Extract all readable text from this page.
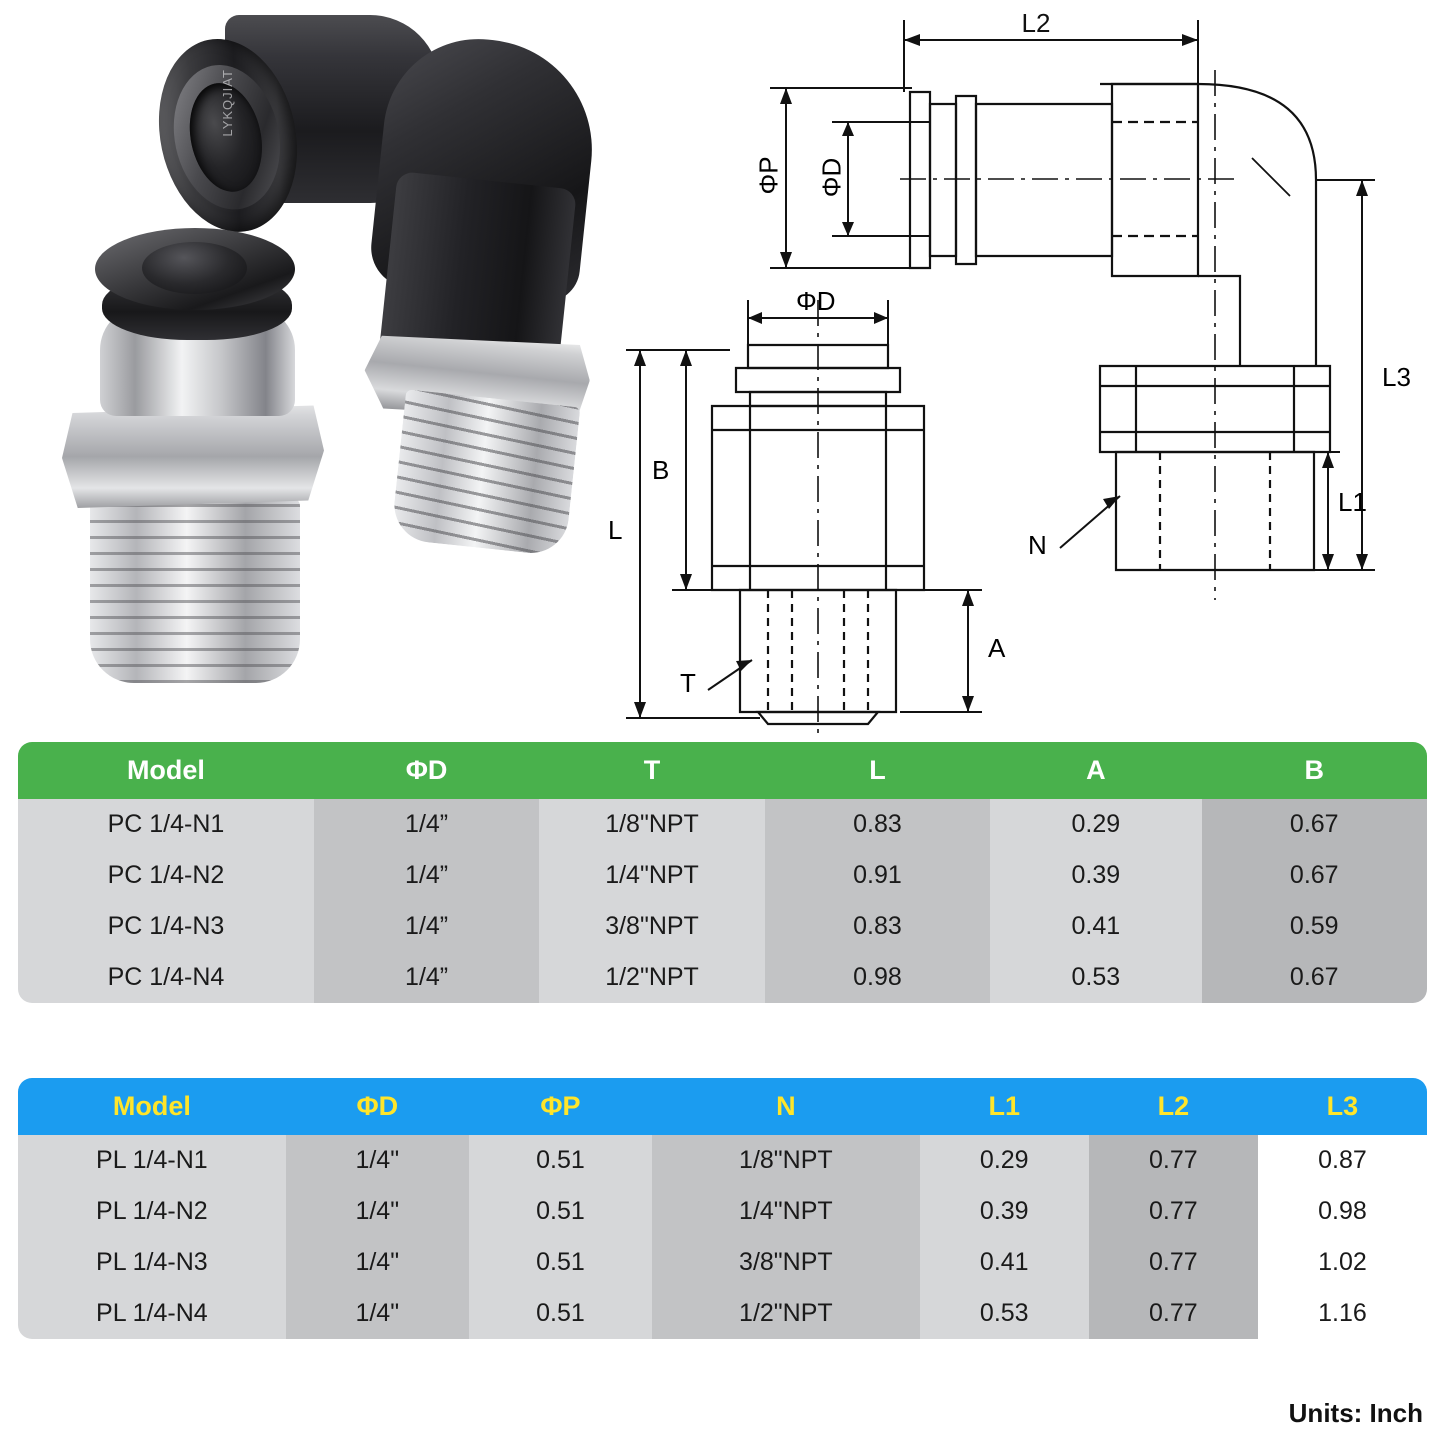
LYKQJIAT
L2
ΦP ΦD
ΦD
B
L
A
T
L3
L1
N
Model	ΦD	T	L	A	B
PC 1/4-N1	1/4”	1/8"NPT	0.83	0.29	0.67
PC 1/4-N2	1/4”	1/4"NPT	0.91	0.39	0.67
PC 1/4-N3	1/4”	3/8"NPT	0.83	0.41	0.59
PC 1/4-N4	1/4”	1/2"NPT	0.98	0.53	0.67
Model	ΦD	ΦP	N	L1	L2	L3
PL 1/4-N1	1/4"	0.51	1/8"NPT	0.29	0.77	0.87
PL 1/4-N2	1/4"	0.51	1/4"NPT	0.39	0.77	0.98
PL 1/4-N3	1/4"	0.51	3/8"NPT	0.41	0.77	1.02
PL 1/4-N4	1/4"	0.51	1/2"NPT	0.53	0.77	1.16
Units: Inch
